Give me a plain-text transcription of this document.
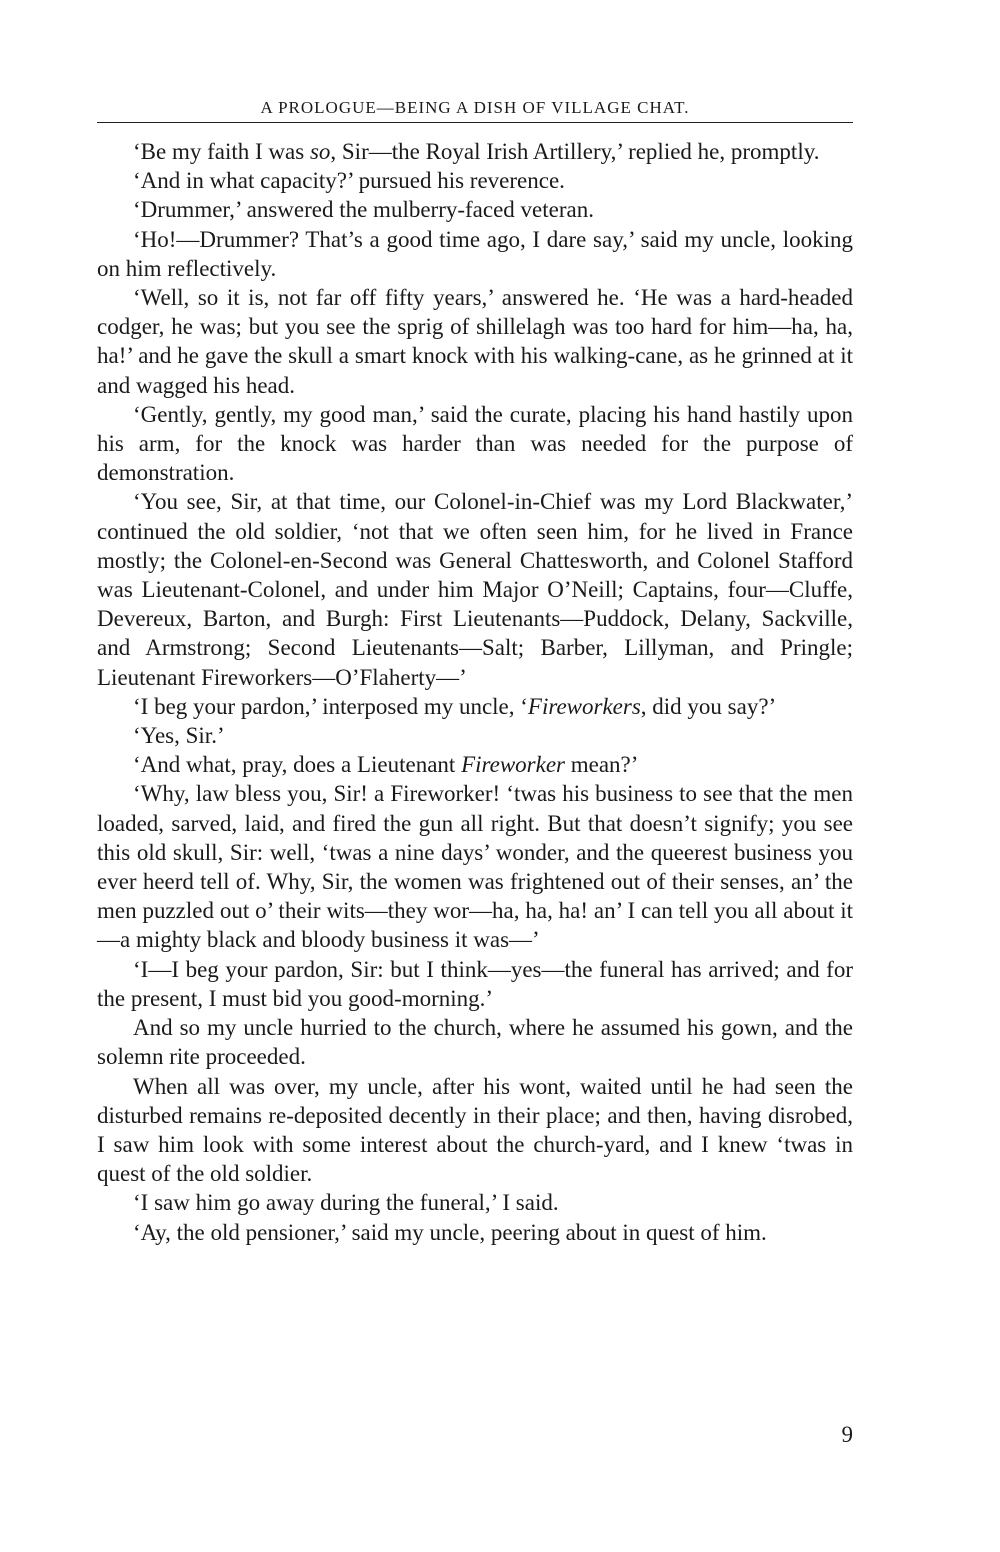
A PROLOGUE—BEING A DISH OF VILLAGE CHAT.

‘Be my faith I was so, Sir—the Royal Irish Artillery,’ replied he, promptly.

‘And in what capacity?’ pursued his reverence.

‘Drummer,’ answered the mulberry-faced veteran.

‘Ho!—Drummer? That’s a good time ago, I dare say,’ said my uncle, looking on him reflectively.

‘Well, so it is, not far off fifty years,’ answered he. ‘He was a hard-headed codger, he was; but you see the sprig of shillelagh was too hard for him—ha, ha, ha!’ and he gave the skull a smart knock with his walking-cane, as he grinned at it and wagged his head.

‘Gently, gently, my good man,’ said the curate, placing his hand hastily upon his arm, for the knock was harder than was needed for the purpose of demonstration.

‘You see, Sir, at that time, our Colonel-in-Chief was my Lord Blackwater,’ continued the old soldier, ‘not that we often seen him, for he lived in France mostly; the Colonel-en-Second was General Chattesworth, and Colonel Stafford was Lieutenant-Colonel, and under him Major O’Neill; Captains, four—Cluffe, Devereux, Barton, and Burgh: First Lieutenants—Puddock, Delany, Sackville, and Armstrong; Second Lieutenants—Salt; Barber, Lillyman, and Pringle; Lieutenant Fireworkers—O’Flaherty—’

‘I beg your pardon,’ interposed my uncle, ‘Fireworkers, did you say?’

‘Yes, Sir.’

‘And what, pray, does a Lieutenant Fireworker mean?’

‘Why, law bless you, Sir! a Fireworker! ‘twas his business to see that the men loaded, sarved, laid, and fired the gun all right. But that doesn’t signify; you see this old skull, Sir: well, ‘twas a nine days’ wonder, and the queerest business you ever heerd tell of. Why, Sir, the women was frightened out of their senses, an’ the men puzzled out o’ their wits—they wor—ha, ha, ha! an’ I can tell you all about it—a mighty black and bloody business it was—’

‘I—I beg your pardon, Sir: but I think—yes—the funeral has arrived; and for the present, I must bid you good-morning.’

And so my uncle hurried to the church, where he assumed his gown, and the solemn rite proceeded.

When all was over, my uncle, after his wont, waited until he had seen the disturbed remains re-deposited decently in their place; and then, having disrobed, I saw him look with some interest about the church-yard, and I knew ‘twas in quest of the old soldier.

‘I saw him go away during the funeral,’ I said.

‘Ay, the old pensioner,’ said my uncle, peering about in quest of him.

9
